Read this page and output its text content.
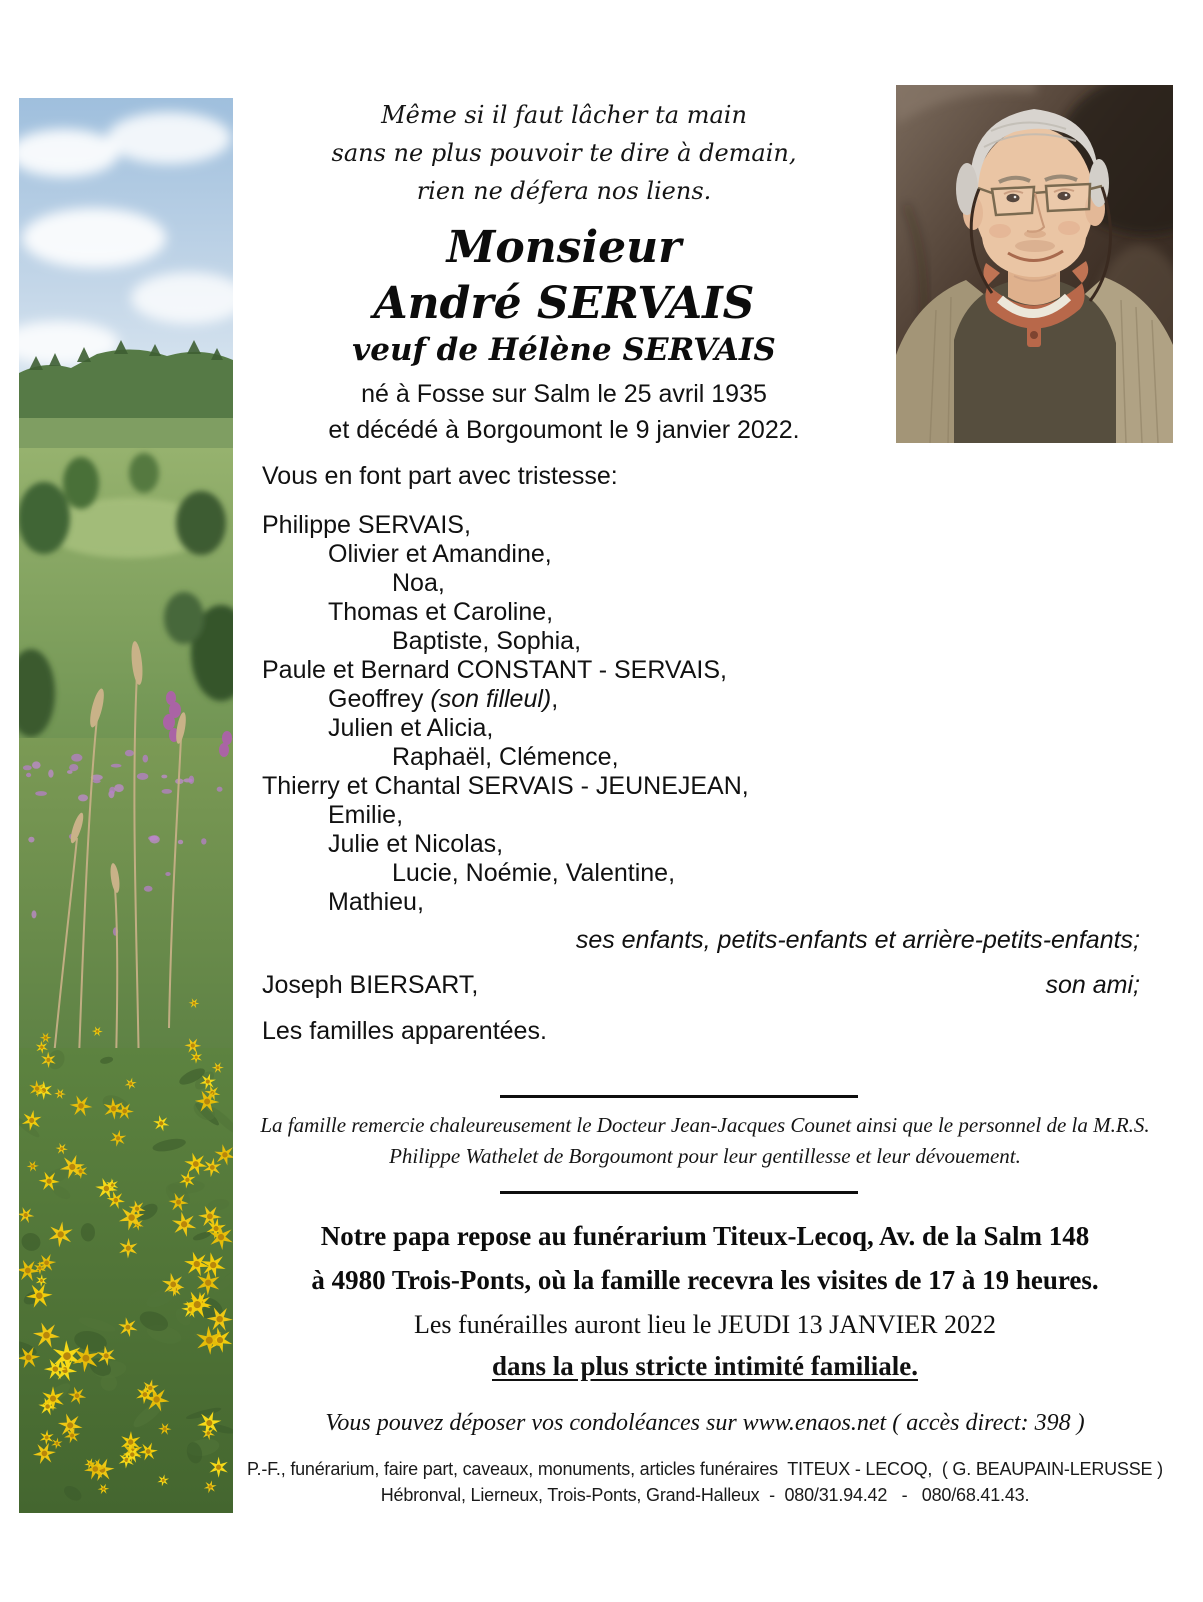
Même si il faut lâcher ta main
sans ne plus pouvoir te dire à demain,
rien ne défera nos liens.
Monsieur
André SERVAIS
veuf de Hélène SERVAIS
né à Fosse sur Salm le 25 avril 1935
et décédé à Borgoumont le 9 janvier 2022.
Vous en font part avec tristesse:
Philippe SERVAIS,
Olivier et Amandine,
Noa,
Thomas et Caroline,
Baptiste, Sophia,
Paule et Bernard CONSTANT - SERVAIS,
Geoffrey (son filleul),
Julien et Alicia,
Raphaël, Clémence,
Thierry et Chantal SERVAIS - JEUNEJEAN,
Emilie,
Julie et Nicolas,
Lucie, Noémie, Valentine,
Mathieu,
ses enfants, petits-enfants et arrière-petits-enfants;
Joseph BIERSART,	son ami;
Les familles apparentées.
La famille remercie chaleureusement le Docteur Jean-Jacques Counet ainsi que le personnel de la M.R.S.
Philippe Wathelet de Borgoumont pour leur gentillesse et leur dévouement.
Notre papa repose au funérarium Titeux-Lecoq, Av. de la Salm 148
à 4980 Trois-Ponts, où la famille recevra les visites de 17 à 19 heures.
Les funérailles auront lieu le JEUDI 13 JANVIER 2022
dans la plus stricte intimité familiale.
Vous pouvez déposer vos condoléances sur www.enaos.net ( accès direct: 398 )
P.-F., funérarium, faire part, caveaux, monuments, articles funéraires  TITEUX - LECOQ,  ( G. BEAUPAIN-LERUSSE )
Hébronval, Lierneux, Trois-Ponts, Grand-Halleux  -  080/31.94.42   -   080/68.41.43.
